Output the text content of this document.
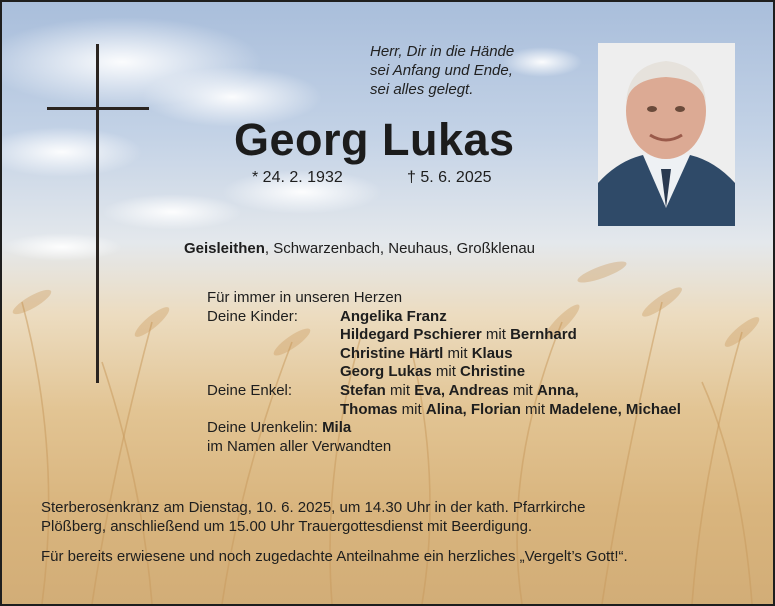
Herr, Dir in die Hände
sei Anfang und Ende,
sei alles gelegt.
Georg Lukas
* 24. 2. 1932	† 5. 6. 2025
Geisleithen, Schwarzenbach, Neuhaus, Großklenau
Für immer in unseren Herzen
Deine Kinder:	Angelika Franz
Hildegard Pschierer mit Bernhard
Christine Härtl mit Klaus
Georg Lukas mit Christine
Deine Enkel:	Stefan mit Eva, Andreas mit Anna,
Thomas mit Alina, Florian mit Madelene, Michael
Deine Urenkelin: Mila
im Namen aller Verwandten
Sterberosenkranz am Dienstag, 10. 6. 2025, um 14.30 Uhr in der kath. Pfarrkirche
Plößberg, anschließend um 15.00 Uhr Trauergottesdienst mit Beerdigung.
Für bereits erwiesene und noch zugedachte Anteilnahme ein herzliches „Vergelt’s Gott!“.
